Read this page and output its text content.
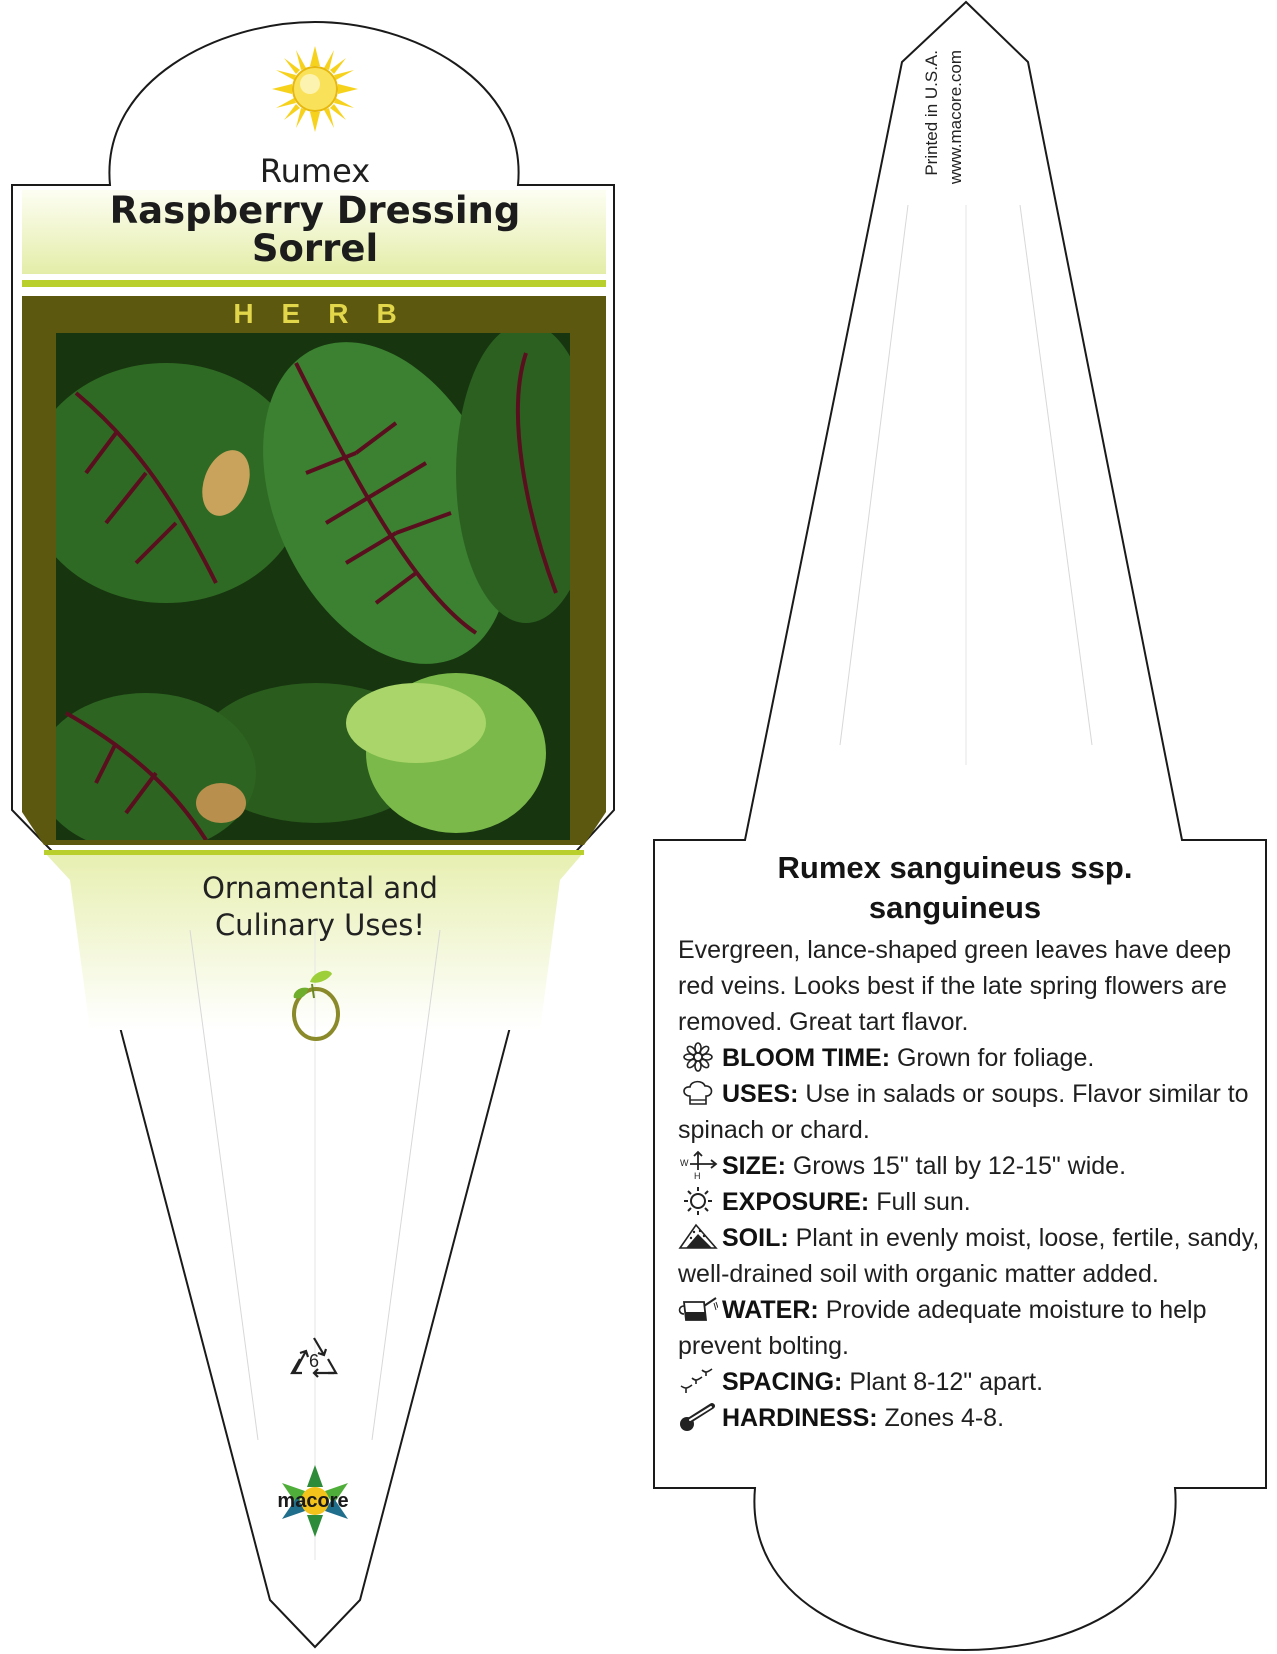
Rumex
Raspberry Dressing
Sorrel
HERB
Ornamental and
Culinary Uses!
6
macore
Printed in U.S.A. www.macore.com
Rumex sanguineus ssp.
sanguineus

Evergreen, lance-shaped green leaves have deep red veins. Looks best if the late spring flowers are removed. Great tart flavor.

BLOOM TIME: Grown for foliage.

USES: Use in salads or soups. Flavor similar to spinach or chard.

W
H SIZE: Grows 15" tall by 12-15" wide.

EXPOSURE: Full sun.

SOIL: Plant in evenly moist, loose, fertile, sandy, well-drained soil with organic matter added.

WATER: Provide adequate moisture to help prevent bolting.

SPACING: Plant 8-12" apart.

HARDINESS: Zones 4-8.
